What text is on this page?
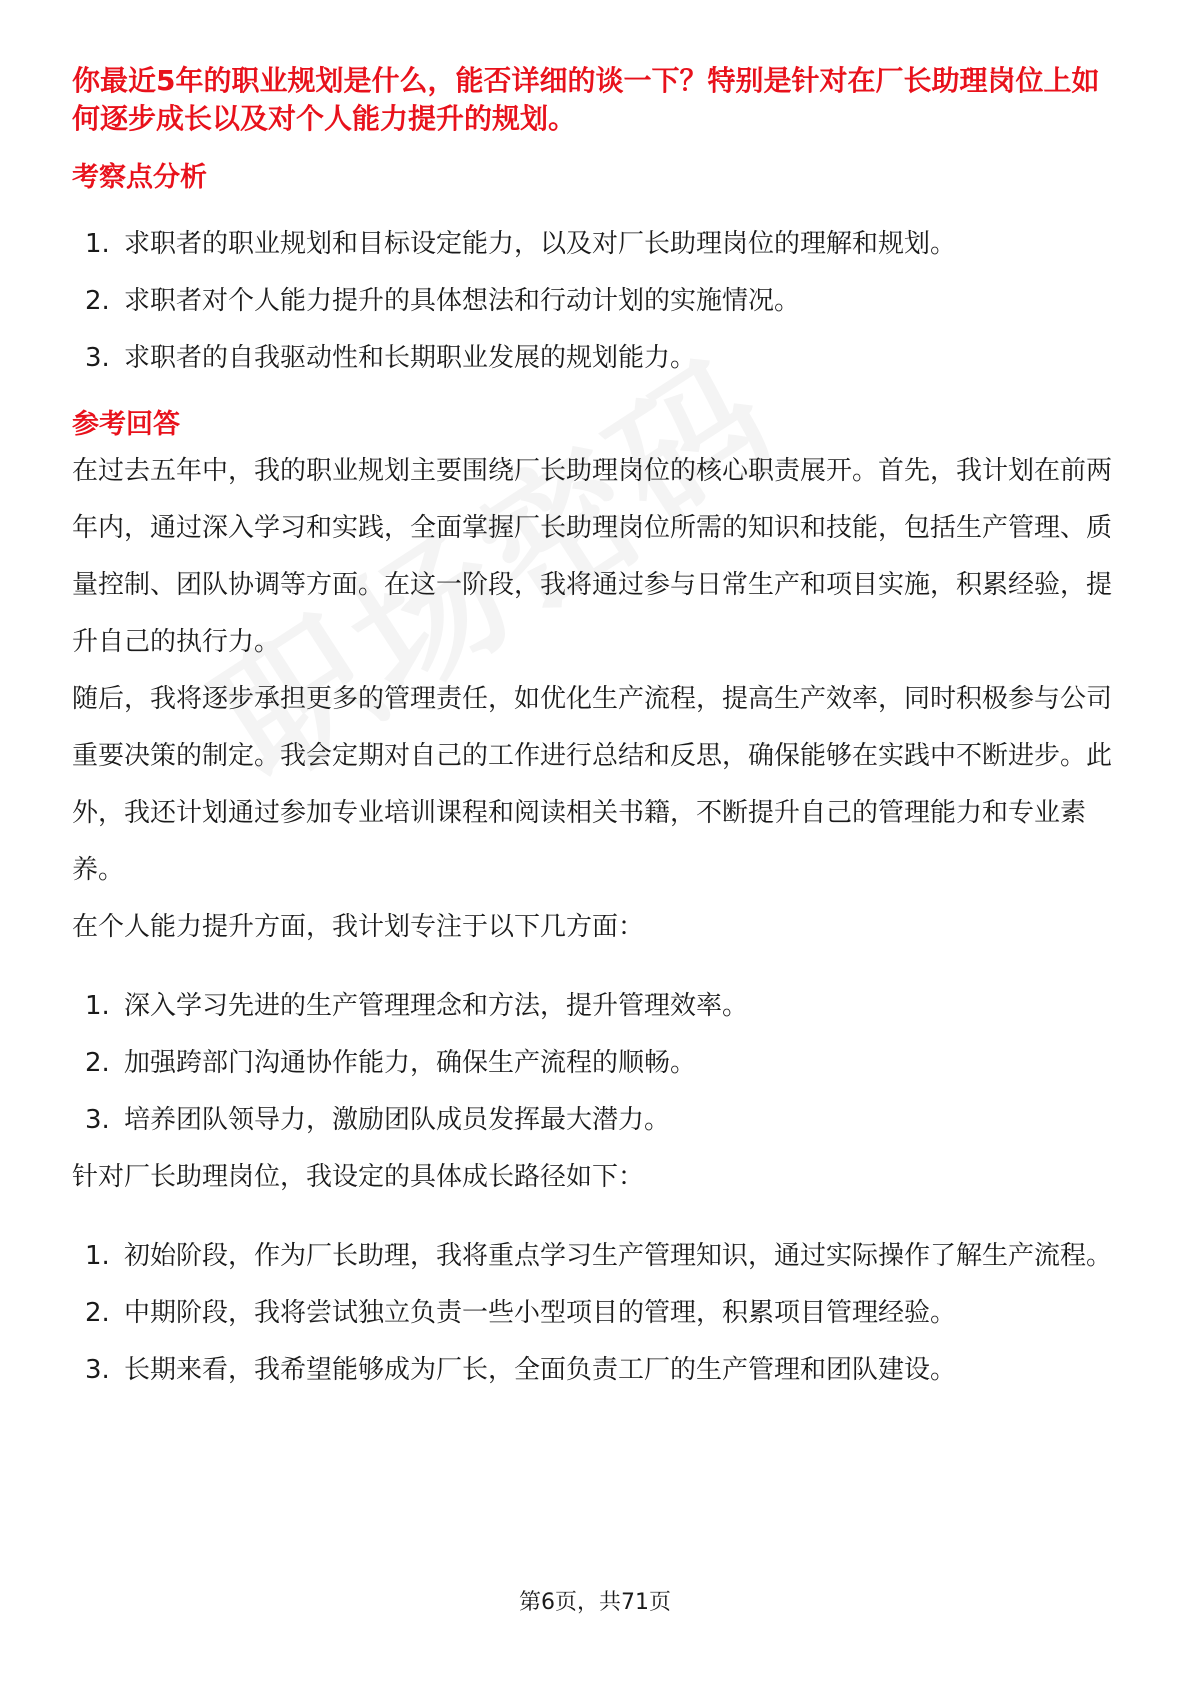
你最近5年的职业规划是什么，能否详细的谈一下？特别是针对在厂长助理岗位上如何逐步成长以及对个人能力提升的规划。

考察点分析
1. 求职者的职业规划和目标设定能力，以及对厂长助理岗位的理解和规划。
2. 求职者对个人能力提升的具体想法和行动计划的实施情况。
3. 求职者的自我驱动性和长期职业发展的规划能力。
参考回答

在过去五年中，我的职业规划主要围绕厂长助理岗位的核心职责展开。首先，我计划在前两年内，通过深入学习和实践，全面掌握厂长助理岗位所需的知识和技能，包括生产管理、质量控制、团队协调等方面。在这一阶段，我将通过参与日常生产和项目实施，积累经验，提升自己的执行力。

随后，我将逐步承担更多的管理责任，如优化生产流程，提高生产效率，同时积极参与公司重要决策的制定。我会定期对自己的工作进行总结和反思，确保能够在实践中不断进步。此外，我还计划通过参加专业培训课程和阅读相关书籍，不断提升自己的管理能力和专业素养。

在个人能力提升方面，我计划专注于以下几方面：

1. 深入学习先进的生产管理理念和方法，提升管理效率。
2. 加强跨部门沟通协作能力，确保生产流程的顺畅。
3. 培养团队领导力，激励团队成员发挥最大潜力。

针对厂长助理岗位，我设定的具体成长路径如下：

1. 初始阶段，作为厂长助理，我将重点学习生产管理知识，通过实际操作了解生产流程。
2. 中期阶段，我将尝试独立负责一些小型项目的管理，积累项目管理经验。
3. 长期来看，我希望能够成为厂长，全面负责工厂的生产管理和团队建设。
第6页，共71页
